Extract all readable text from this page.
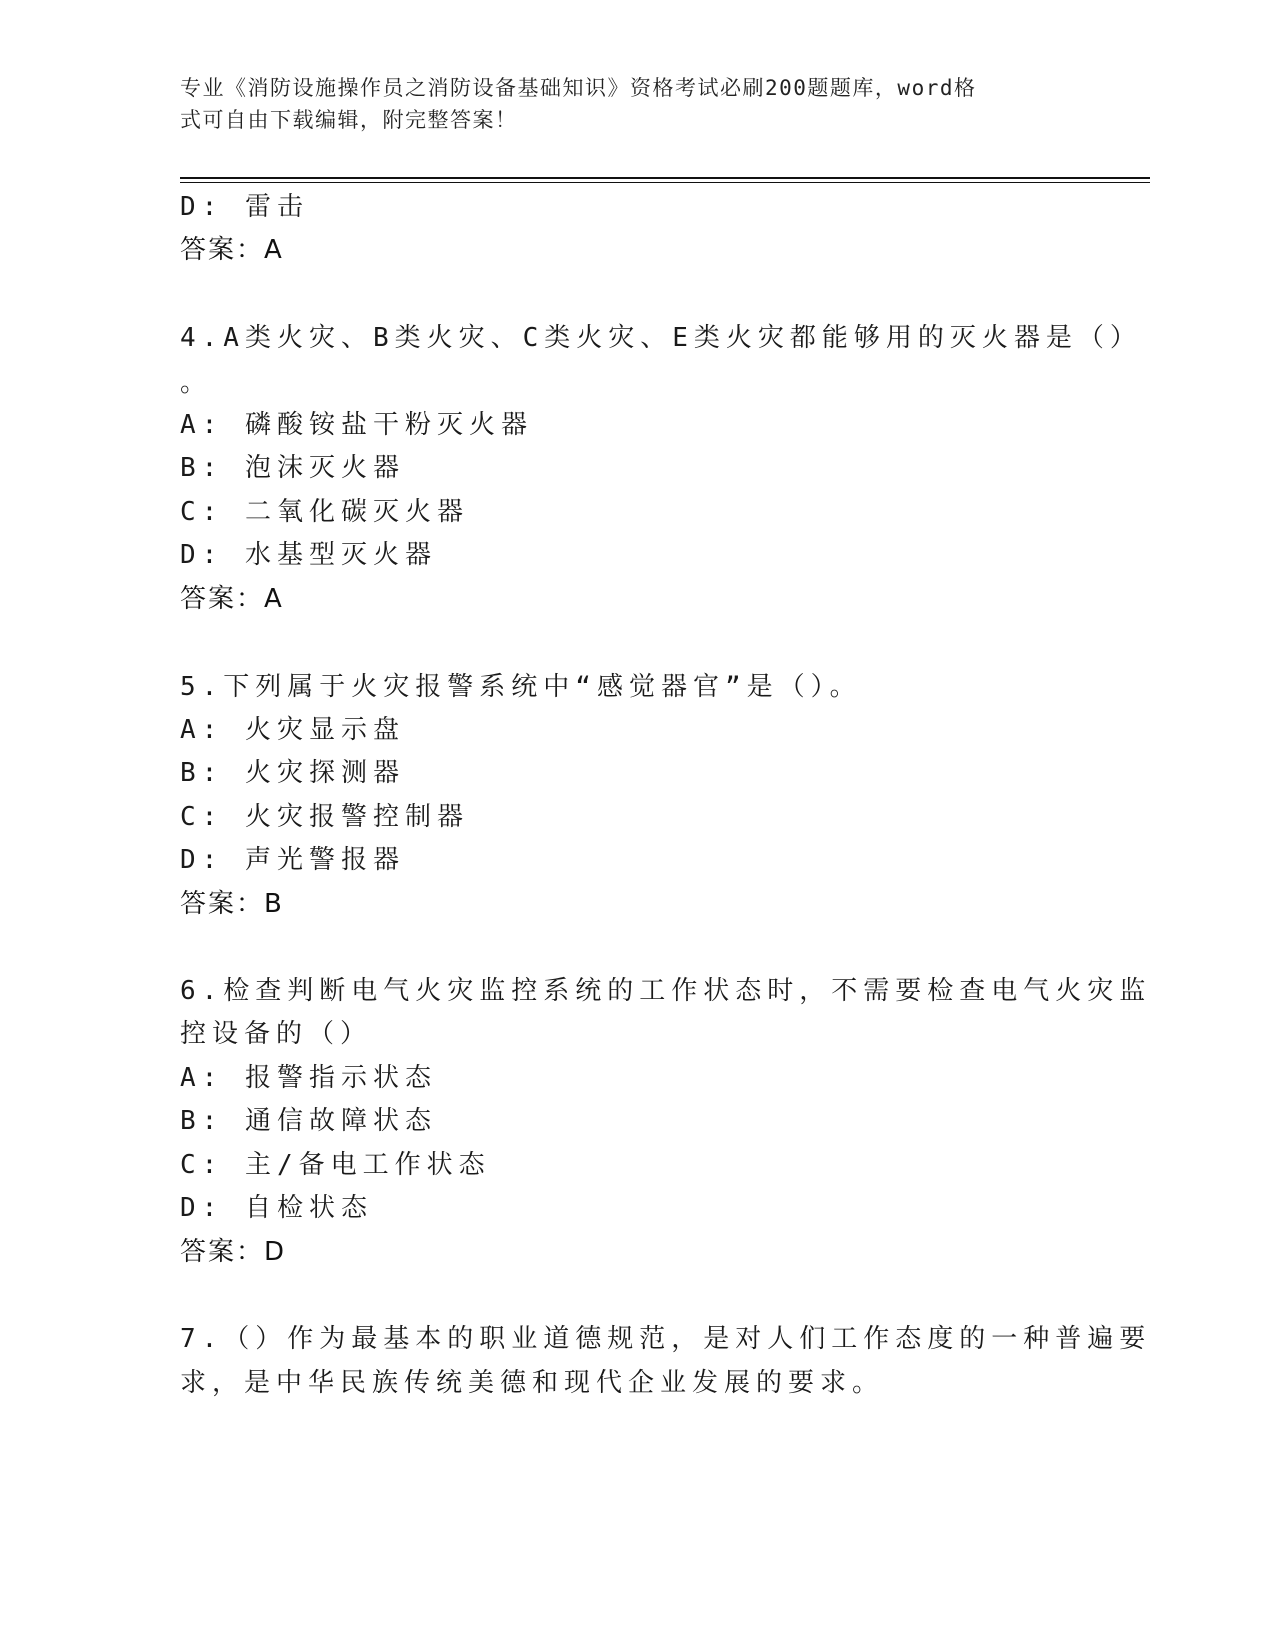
专业《消防设施操作员之消防设备基础知识》资格考试必刷200题题库，word格
式可自由下载编辑，附完整答案！
D: 雷击
答案：A
4.A类火灾、B类火灾、C类火灾、E类火灾都能够用的灭火器是（）
。
A: 磷酸铵盐干粉灭火器
B: 泡沫灭火器
C: 二氧化碳灭火器
D: 水基型灭火器
答案：A
5.下列属于火灾报警系统中“感觉器官”是（）。
A: 火灾显示盘
B: 火灾探测器
C: 火灾报警控制器
D: 声光警报器
答案：B
6.检查判断电气火灾监控系统的工作状态时，不需要检查电气火灾监
控设备的（）
A: 报警指示状态
B: 通信故障状态
C: 主/备电工作状态
D: 自检状态
答案：D
7.（）作为最基本的职业道德规范，是对人们工作态度的一种普遍要
求，是中华民族传统美德和现代企业发展的要求。
